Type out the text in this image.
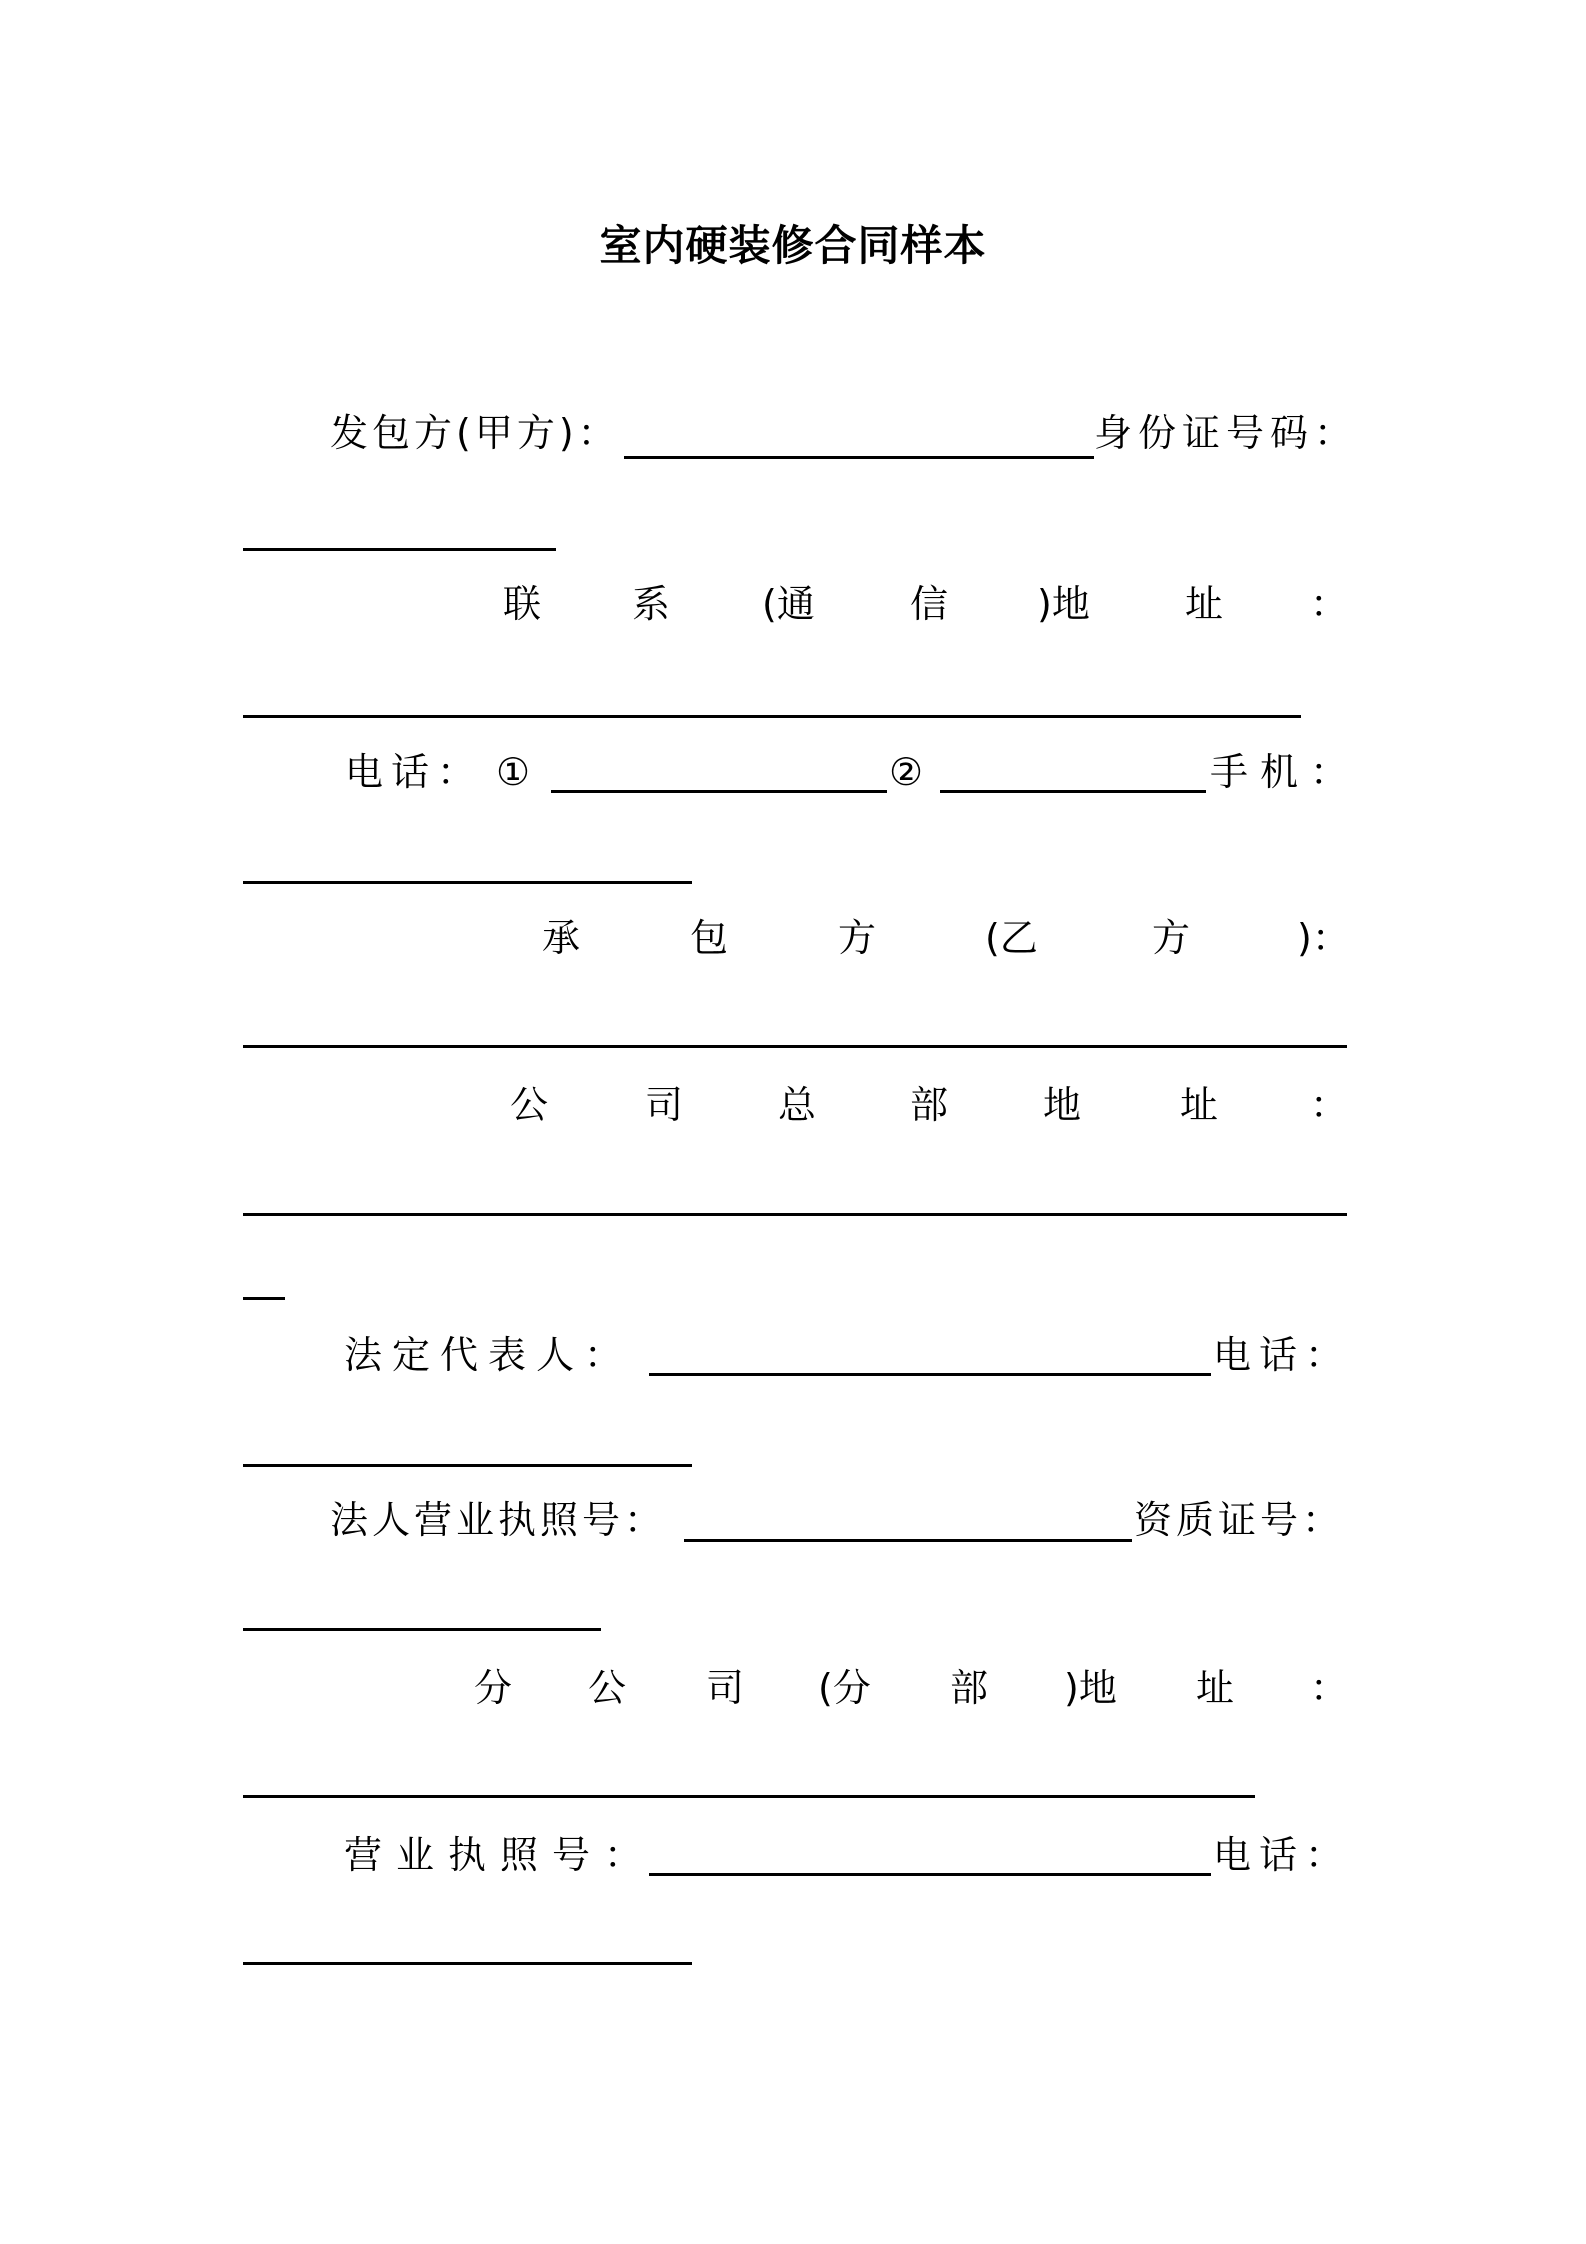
室内硬装修合同样本
发包方(甲方)：	身份证号码：
联 系 (通	信 )地	址 ：
电话： ①	②	手机：
承	包	方	(乙	方	)：
公	司 总 部 地	址 ：
法定代表人：	电话：
法人营业执照号：	资质证号：
分 公 司 (分 部 )地 址 ：
营业执照号：	电话：
